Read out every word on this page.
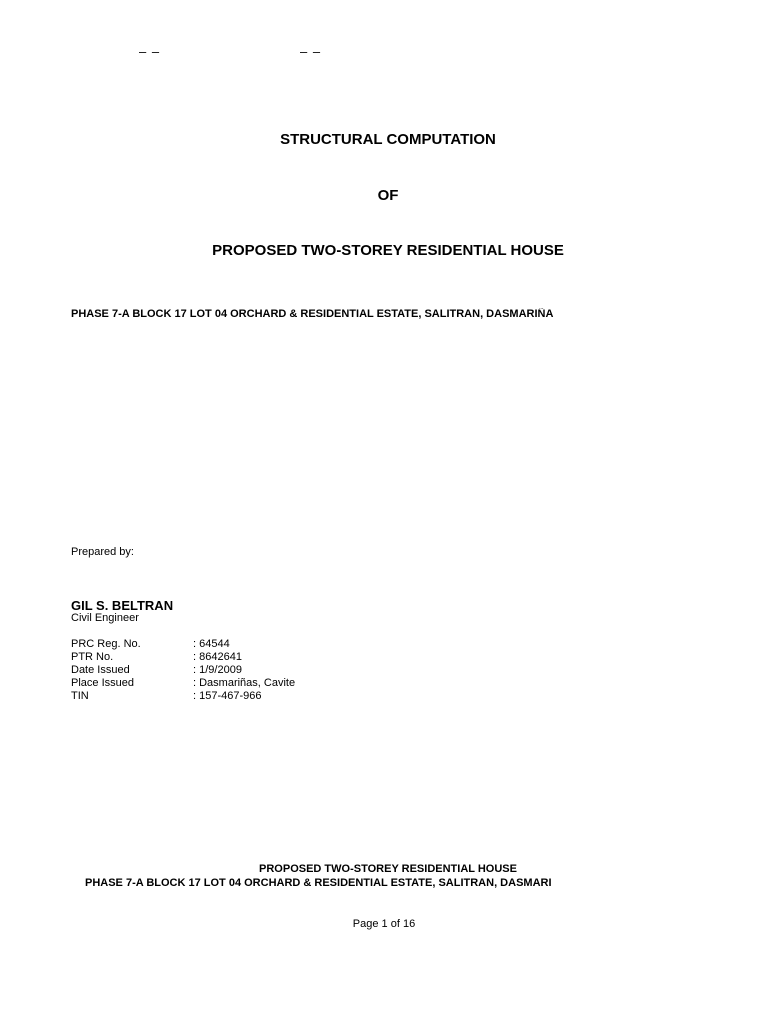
– –	– –
STRUCTURAL COMPUTATION
OF
PROPOSED TWO-STOREY RESIDENTIAL HOUSE
PHASE 7-A BLOCK 17 LOT 04 ORCHARD & RESIDENTIAL ESTATE, SALITRAN, DASMARIÑA
Prepared by:
GIL S. BELTRAN
Civil Engineer
PRC Reg. No.	: 64544
PTR No.	: 8642641
Date Issued	: 1/9/2009
Place Issued	: Dasmariñas, Cavite
TIN	: 157-467-966
PROPOSED TWO-STOREY RESIDENTIAL HOUSE
PHASE 7-A BLOCK 17 LOT 04 ORCHARD & RESIDENTIAL ESTATE, SALITRAN, DASMARI
Page 1 of 16
